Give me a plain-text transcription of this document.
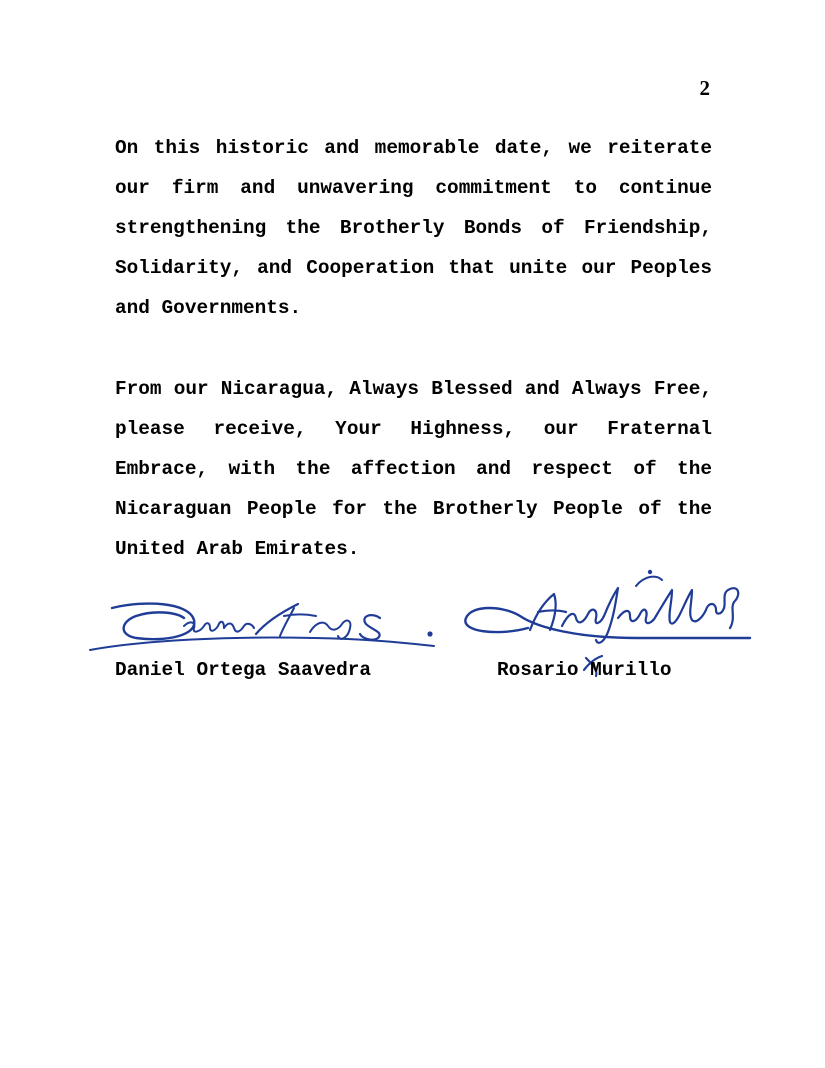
2

On this historic and memorable date, we reiterate our firm and unwavering commitment to continue strengthening the Brotherly Bonds of Friendship, Solidarity, and Cooperation that unite our Peoples and Governments.

From our Nicaragua, Always Blessed and Always Free, please receive, Your Highness, our Fraternal Embrace, with the affection and respect of the Nicaraguan People for the Brotherly People of the United Arab Emirates.

Daniel Ortega Saavedra	Rosario Murillo
